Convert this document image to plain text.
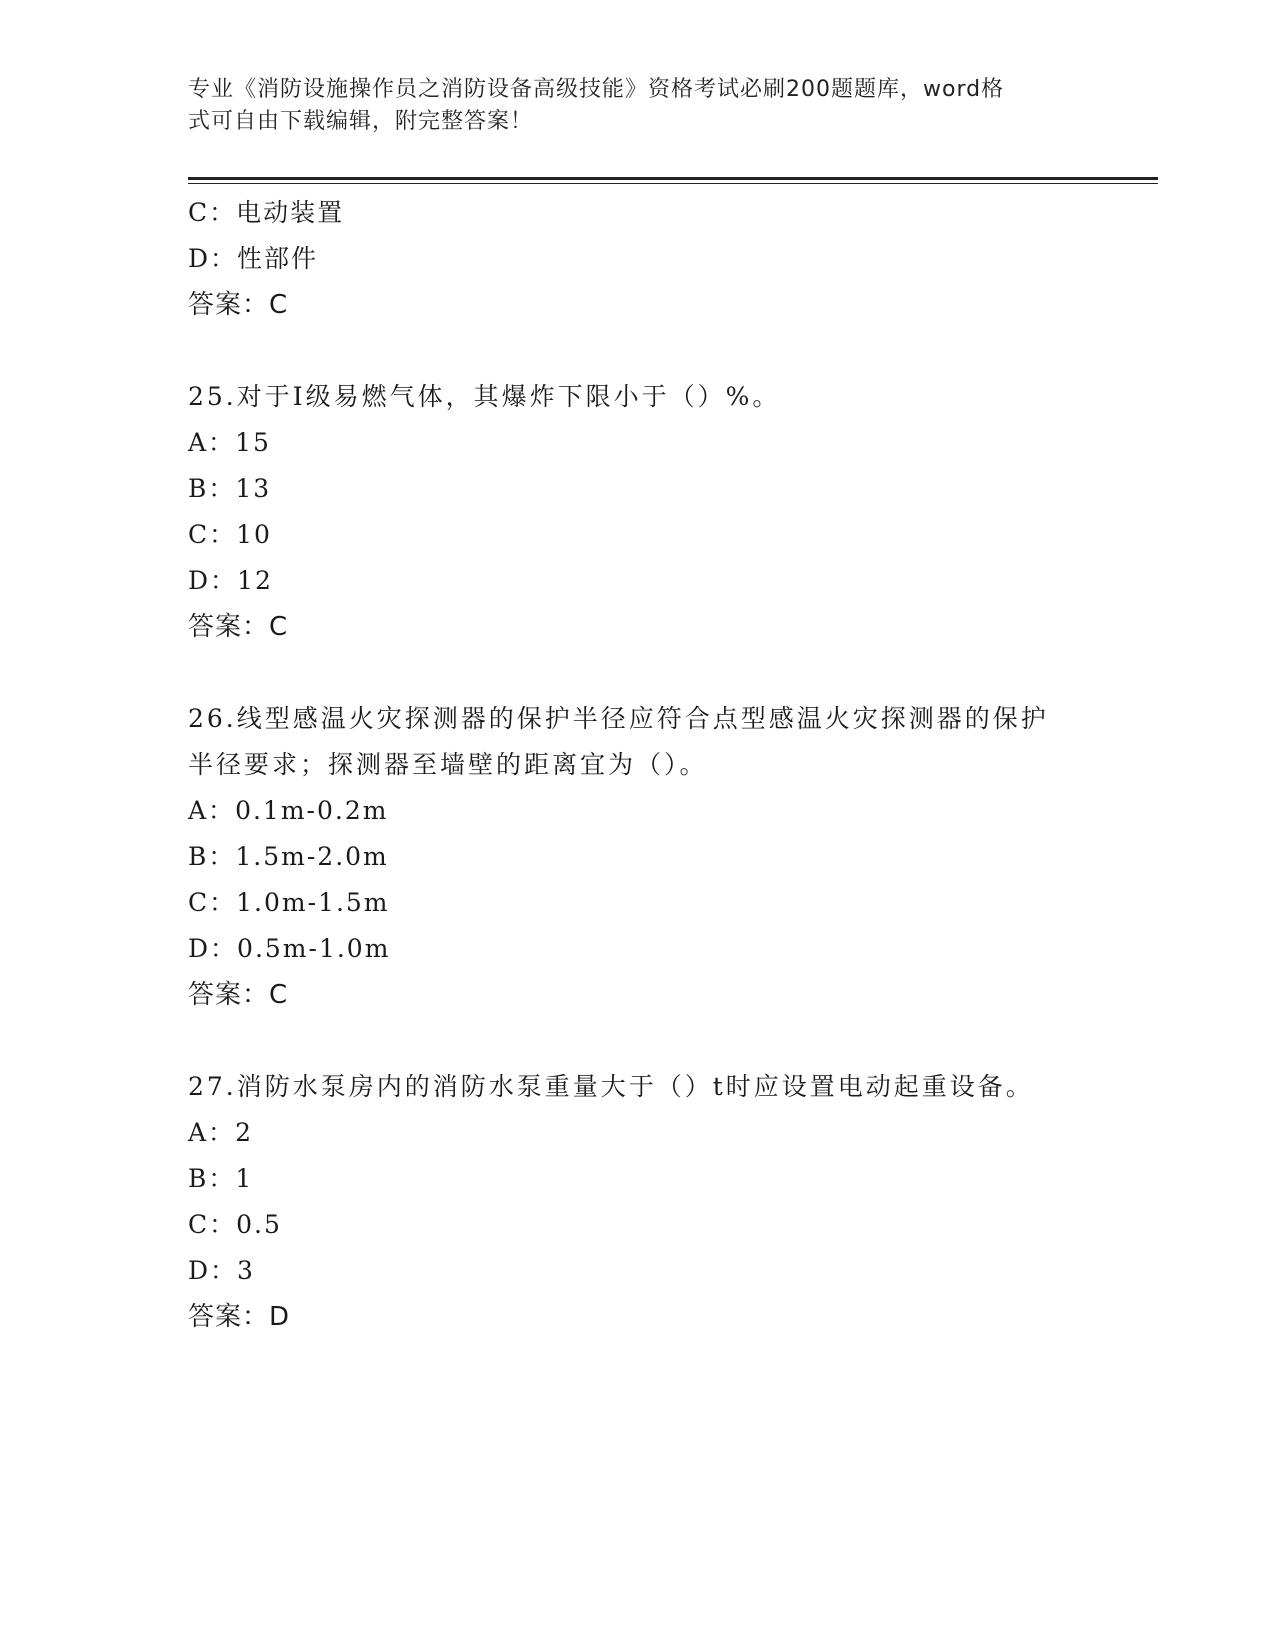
专业《消防设施操作员之消防设备高级技能》资格考试必刷200题题库，word格
式可自由下载编辑，附完整答案！
C：电动装置
D：性部件
答案：C
25.对于Ⅰ级易燃气体，其爆炸下限小于（）%。
A：15
B：13
C：10
D：12
答案：C
26.线型感温火灾探测器的保护半径应符合点型感温火灾探测器的保护
半径要求；探测器至墙壁的距离宜为（）。
A：0.1m-0.2m
B：1.5m-2.0m
C：1.0m-1.5m
D：0.5m-1.0m
答案：C
27.消防水泵房内的消防水泵重量大于（）t时应设置电动起重设备。
A：2
B：1
C：0.5
D：3
答案：D
